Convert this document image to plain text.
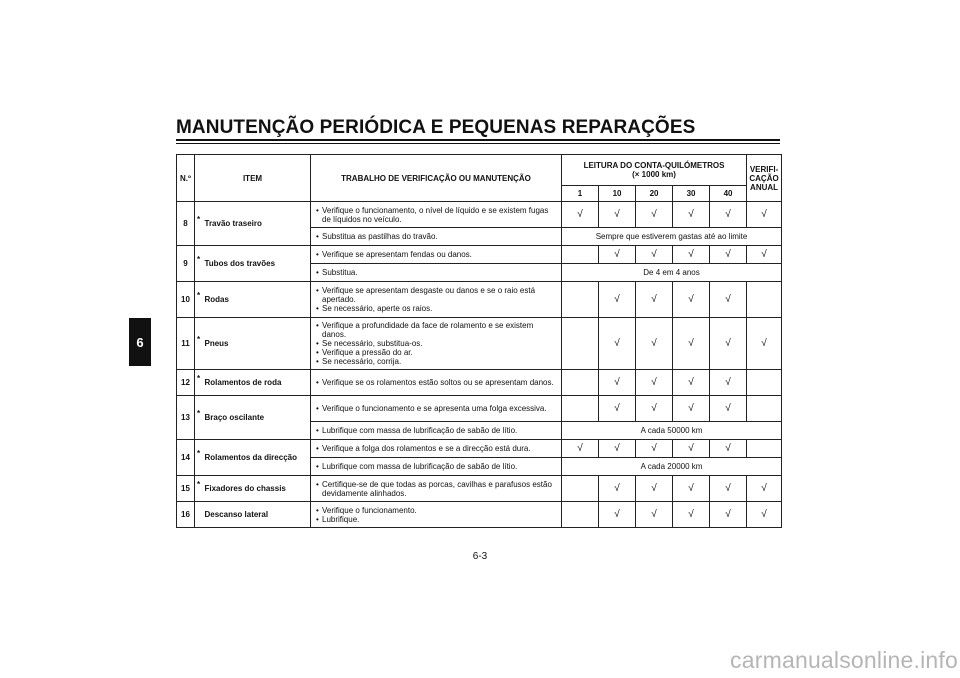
MANUTENÇÃO PERIÓDICA E PEQUENAS REPARAÇÕES
6
N.º	ITEM		TRABALHO DE VERIFICAÇÃO OU MANUTENÇÃO	LEITURA DO CONTA-QUILÓMETROS
(× 1000 km)					VERIFI-CAÇÃO ANUAL
				1	10	20	30	40	
8	*	Travão traseiro	• Verifique o funcionamento, o nível de líquido e se existem fugas de líquidos no veículo.	√	√	√	√	√	√

			• Substitua as pastilhas do travão.	Sempre que estiverem gastas até ao limite					
9	*	Tubos dos travões	• Verifique se apresentam fendas ou danos.		√	√	√	√	√

			• Substitua.	De 4 em 4 anos					
10	*	Rodas	• Verifique se apresentam desgaste ou danos e se o raio está apertado.
• Se necessário, aperte os raios.		√	√	√	√	
11	*	Pneus	• Verifique a profundidade da face de rolamento e se existem danos.
• Se necessário, substitua-os.
• Verifique a pressão do ar.
• Se necessário, corrija.		√	√	√	√	√
12	*	Rolamentos de roda	• Verifique se os rolamentos estão soltos ou se apresentam danos.		√	√	√	√	
13	*	Braço oscilante	• Verifique o funcionamento e se apresenta uma folga excessiva.		√	√	√	√	

			• Lubrifique com massa de lubrificação de sabão de lítio.	A cada 50000 km					
14	*	Rolamentos da direcção	• Verifique a folga dos rolamentos e se a direcção está dura.	√	√	√	√	√	

			• Lubrifique com massa de lubrificação de sabão de lítio.	A cada 20000 km					
15	*	Fixadores do chassis	• Certifique-se de que todas as porcas, cavilhas e parafusos estão devidamente alinhados.		√	√	√	√	√
16		Descanso lateral	• Verifique o funcionamento.
• Lubrifique.		√	√	√	√	√
6-3
carmanualsonline.info
